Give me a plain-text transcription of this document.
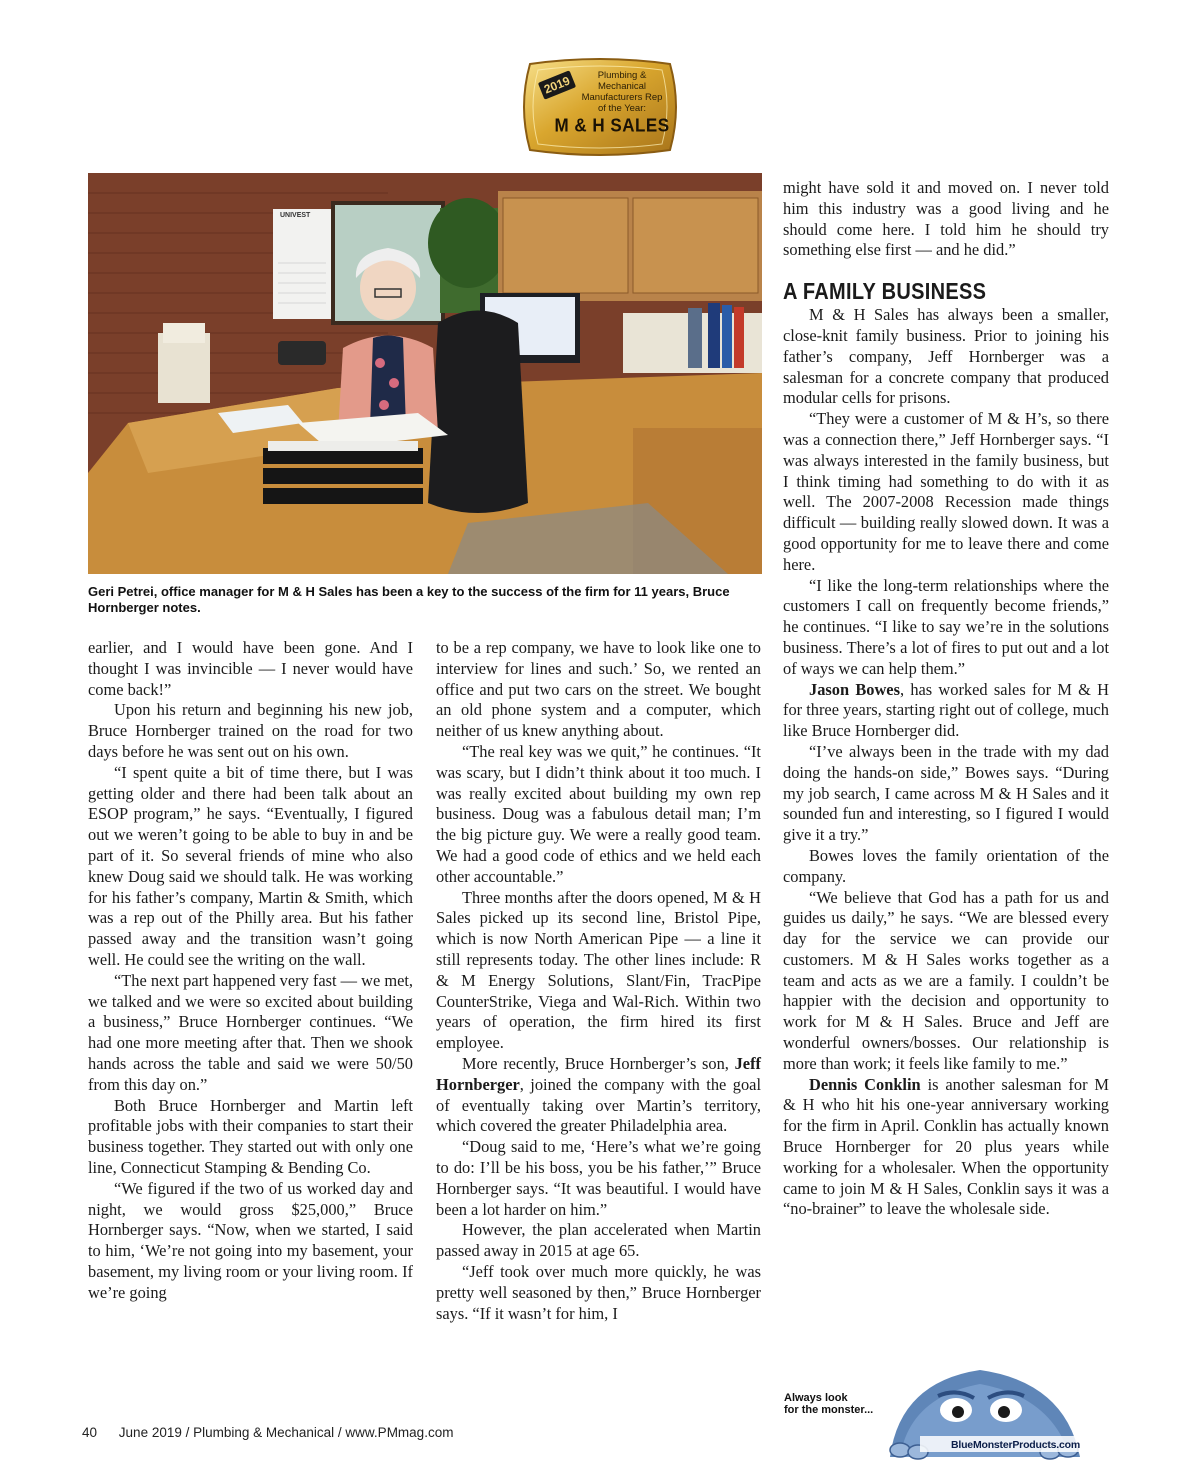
2019	Plumbing &
Mechanical
Manufacturers Rep
of the Year:
M & H SALES
UNIVEST
Geri Petrei, office manager for M & H Sales has been a key to the success of the firm for 11 years, Bruce Hornberger notes.

earlier, and I would have been gone. And I thought I was invincible — I never would have come back!”

Upon his return and beginning his new job, Bruce Hornberger trained on the road for two days before he was sent out on his own.

“I spent quite a bit of time there, but I was getting older and there had been talk about an ESOP program,” he says. “Eventually, I figured out we weren’t going to be able to buy in and be part of it. So several friends of mine who also knew Doug said we should talk. He was working for his father’s company, Martin & Smith, which was a rep out of the Philly area. But his father passed away and the transition wasn’t going well. He could see the writing on the wall.

“The next part happened very fast — we met, we talked and we were so excited about building a business,” Bruce Hornberger continues. “We had one more meeting after that. Then we shook hands across the table and said we were 50/50 from this day on.”

Both Bruce Hornberger and Martin left profitable jobs with their companies to start their business together. They started out with only one line, Connecticut Stamping & Bending Co.

“We figured if the two of us worked day and night, we would gross $25,000,” Bruce Hornberger says. “Now, when we started, I said to him, ‘We’re not going into my basement, your basement, my living room or your living room. If we’re going

to be a rep company, we have to look like one to interview for lines and such.’ So, we rented an office and put two cars on the street. We bought an old phone system and a computer, which neither of us knew anything about.

“The real key was we quit,” he continues. “It was scary, but I didn’t think about it too much. I was really excited about building my own rep business. Doug was a fabulous detail man; I’m the big picture guy. We were a really good team. We had a good code of ethics and we held each other accountable.”

Three months after the doors opened, M & H Sales picked up its second line, Bristol Pipe, which is now North American Pipe — a line it still represents today. The other lines include: R & M Energy Solutions, Slant/Fin, TracPipe CounterStrike, Viega and Wal-Rich. Within two years of operation, the firm hired its first employee.

More recently, Bruce Hornberger’s son, Jeff Hornberger, joined the company with the goal of eventually taking over Martin’s territory, which covered the greater Philadelphia area.

“Doug said to me, ‘Here’s what we’re going to do: I’ll be his boss, you be his father,’” Bruce Hornberger says. “It was beautiful. I would have been a lot harder on him.”

However, the plan accelerated when Martin passed away in 2015 at age 65.

“Jeff took over much more quickly, he was pretty well seasoned by then,” Bruce Hornberger says. “If it wasn’t for him, I

might have sold it and moved on. I never told him this industry was a good living and he should come here. I told him he should try something else first — and he did.”

A FAMILY BUSINESS

M & H Sales has always been a smaller, close-knit family business. Prior to joining his father’s company, Jeff Hornberger was a salesman for a concrete company that produced modular cells for prisons.

“They were a customer of M & H’s, so there was a connection there,” Jeff Hornberger says. “I was always interested in the family business, but I think timing had something to do with it as well. The 2007-2008 Recession made things difficult — building really slowed down. It was a good opportunity for me to leave there and come here.

“I like the long-term relationships where the customers I call on frequently become friends,” he continues. “I like to say we’re in the solutions business. There’s a lot of fires to put out and a lot of ways we can help them.”

Jason Bowes, has worked sales for M & H for three years, starting right out of college, much like Bruce Hornberger did.

“I’ve always been in the trade with my dad doing the hands-on side,” Bowes says. “During my job search, I came across M & H Sales and it sounded fun and interesting, so I figured I would give it a try.”

Bowes loves the family orientation of the company.

“We believe that God has a path for us and guides us daily,” he says. “We are blessed every day for the service we can provide our customers. M & H Sales works together as a team and acts as we are a family. I couldn’t be happier with the decision and opportunity to work for M & H Sales. Bruce and Jeff are wonderful owners/bosses. Our relationship is more than work; it feels like family to me.”

Dennis Conklin is another salesman for M & H who hit his one-year anniversary working for the firm in April. Conklin has actually known Bruce Hornberger for 20 plus years while working for a wholesaler. When the opportunity came to join M & H Sales, Conklin says it was a “no-brainer” to leave the wholesale side.

40 June 2019 / Plumbing & Mechanical / www.PMmag.com
Always look
for the monster...
BlueMonsterProducts.com
